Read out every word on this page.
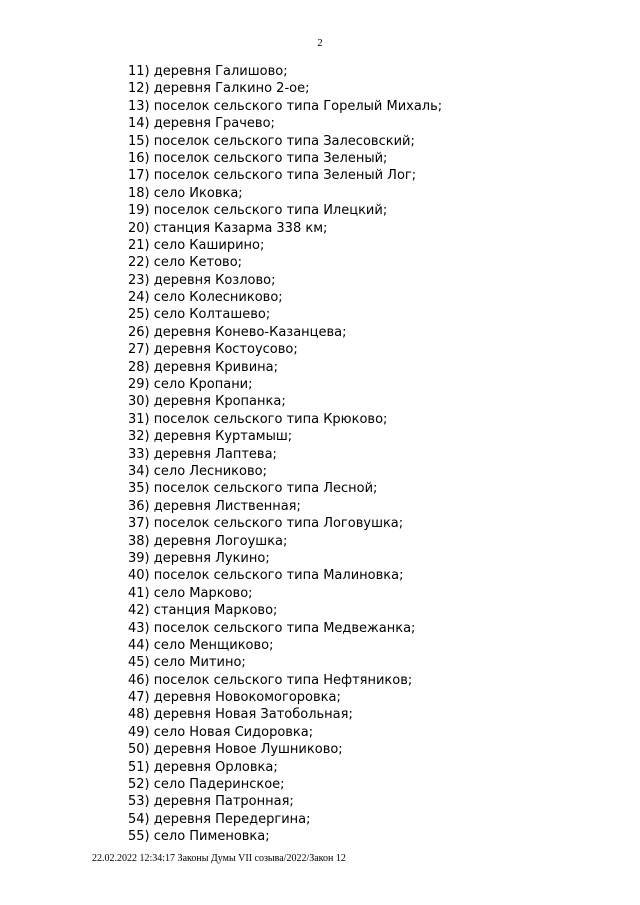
2
11) деревня Галишово;
12) деревня Галкино 2-ое;
13) поселок сельского типа Горелый Михаль;
14) деревня Грачево;
15) поселок сельского типа Залесовский;
16) поселок сельского типа Зеленый;
17) поселок сельского типа Зеленый Лог;
18) село Иковка;
19) поселок сельского типа Илецкий;
20) станция Казарма 338 км;
21) село Каширино;
22) село Кетово;
23) деревня Козлово;
24) село Колесниково;
25) село Колташево;
26) деревня Конево-Казанцева;
27) деревня Костоусово;
28) деревня Кривина;
29) село Кропани;
30) деревня Кропанка;
31) поселок сельского типа Крюково;
32) деревня Куртамыш;
33) деревня Лаптева;
34) село Лесниково;
35) поселок сельского типа Лесной;
36) деревня Лиственная;
37) поселок сельского типа Логовушка;
38) деревня Логоушка;
39) деревня Лукино;
40) поселок сельского типа Малиновка;
41) село Марково;
42) станция Марково;
43) поселок сельского типа Медвежанка;
44) село Менщиково;
45) село Митино;
46) поселок сельского типа Нефтяников;
47) деревня Новокомогоровка;
48) деревня Новая Затобольная;
49) село Новая Сидоровка;
50) деревня Новое Лушниково;
51) деревня Орловка;
52) село Падеринское;
53) деревня Патронная;
54) деревня Передергина;
55) село Пименовка;
22.02.2022 12:34:17 Законы Думы VII созыва/2022/Закон 12
